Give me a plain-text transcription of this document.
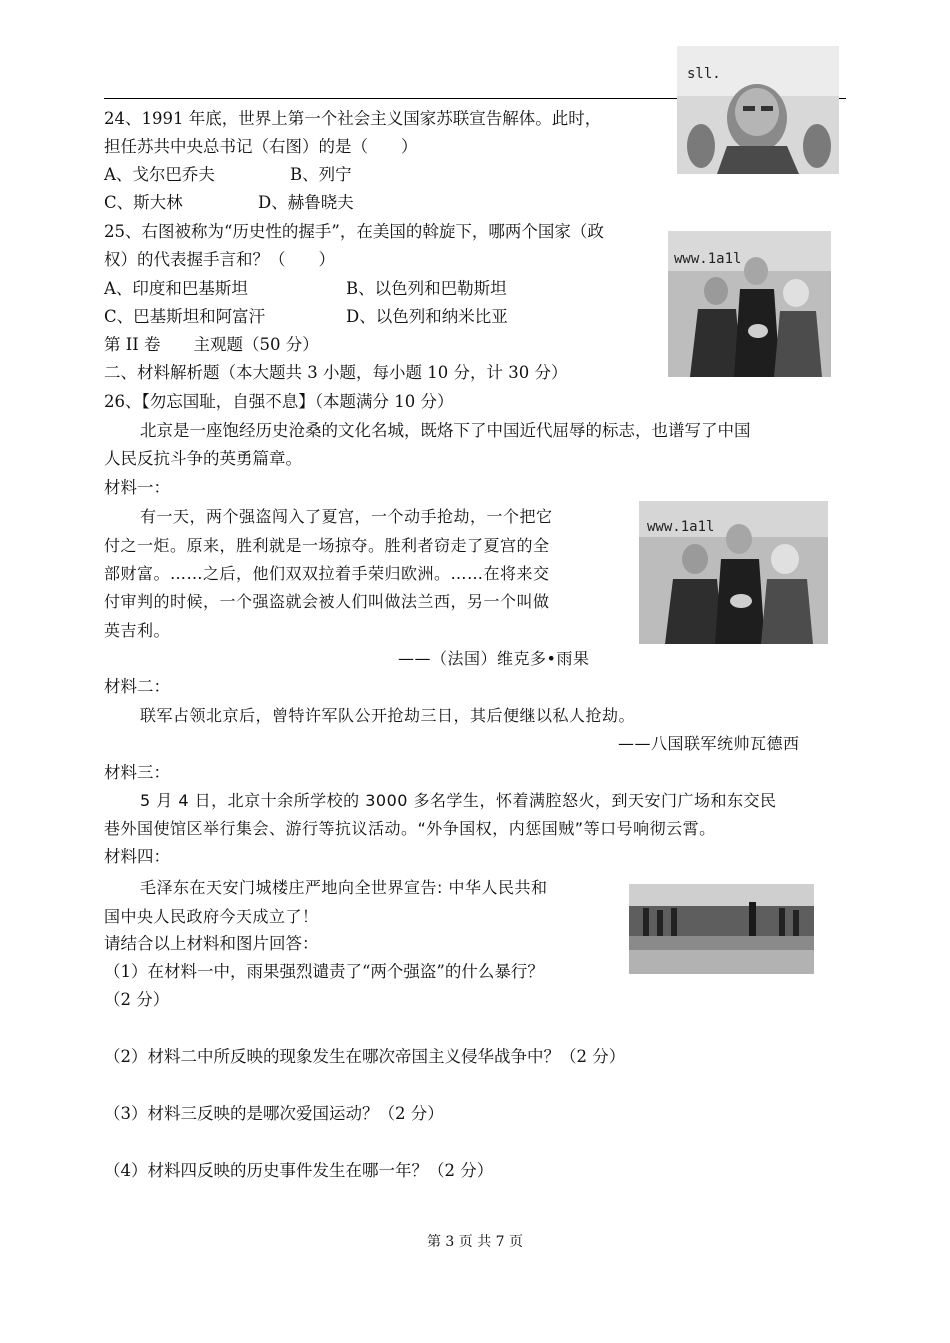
sll.
24、1991 年底，世界上第一个社会主义国家苏联宣告解体。此时，
担任苏共中央总书记（右图）的是（　　）
A、戈尔巴乔夫	B、列宁
C、斯大林	D、赫鲁晓夫
www.1a1l
25、右图被称为“历史性的握手”，在美国的斡旋下，哪两个国家（政
权）的代表握手言和？（　　）
A、印度和巴基斯坦	B、以色列和巴勒斯坦
C、巴基斯坦和阿富汗	D、以色列和纳米比亚
第 II 卷　　主观题（50 分）
二、材料解析题（本大题共 3 小题，每小题 10 分，计 30 分）
26、【勿忘国耻，自强不息】（本题满分 10 分）
北京是一座饱经历史沧桑的文化名城，既烙下了中国近代屈辱的标志，也谱写了中国
人民反抗斗争的英勇篇章。
材料一：
www.1a1l
有一天，两个强盗闯入了夏宫，一个动手抢劫，一个把它
付之一炬。原来，胜利就是一场掠夺。胜利者窃走了夏宫的全
部财富。……之后，他们双双拉着手荣归欧洲。……在将来交
付审判的时候，一个强盗就会被人们叫做法兰西，另一个叫做
英吉利。
——（法国）维克多•雨果
材料二：
联军占领北京后，曾特许军队公开抢劫三日，其后便继以私人抢劫。
——八国联军统帅瓦德西
材料三：
5 月 4 日，北京十余所学校的 3000 多名学生，怀着满腔怒火，到天安门广场和东交民
巷外国使馆区举行集会、游行等抗议活动。“外争国权，内惩国贼”等口号响彻云霄。
材料四：
毛泽东在天安门城楼庄严地向全世界宣告: 中华人民共和
国中央人民政府今天成立了！
请结合以上材料和图片回答：
（1）在材料一中，雨果强烈谴责了“两个强盗”的什么暴行？
（2 分）
（2）材料二中所反映的现象发生在哪次帝国主义侵华战争中？（2 分）
（3）材料三反映的是哪次爱国运动？（2 分）
（4）材料四反映的历史事件发生在哪一年？（2 分）
第 3 页 共 7 页
